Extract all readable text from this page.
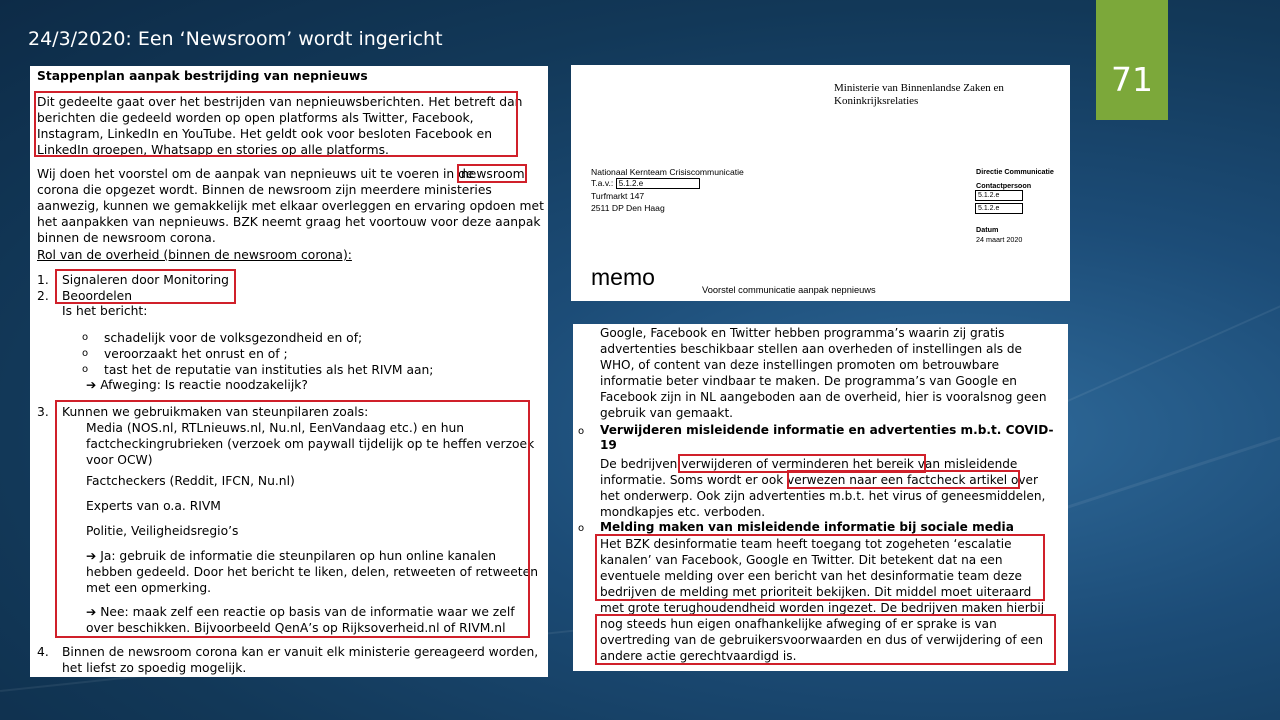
24/3/2020: Een ‘Newsroom’ wordt ingericht
71
Stappenplan aanpak bestrijding van nepnieuws
Dit gedeelte gaat over het bestrijden van nepnieuwsberichten. Het betreft dan
berichten die gedeeld worden op open platforms als Twitter, Facebook,
Instagram, LinkedIn en YouTube. Het geldt ook voor besloten Facebook en
LinkedIn groepen, Whatsapp en stories op alle platforms.
Wij doen het voorstel om de aanpak van nepnieuws uit te voeren in de
newsroom
corona die opgezet wordt. Binnen de newsroom zijn meerdere ministeries
aanwezig, kunnen we gemakkelijk met elkaar overleggen en ervaring opdoen met
het aanpakken van nepnieuws. BZK neemt graag het voortouw voor deze aanpak
binnen de newsroom corona.
Rol van de overheid (binnen de newsroom corona):
1. Signaleren door Monitoring
2. Beoordelen
Is het bericht:
o schadelijk voor de volksgezondheid en of;
o veroorzaakt het onrust en of ;
o tast het de reputatie van instituties als het RIVM aan;
➔ Afweging: Is reactie noodzakelijk?
3. Kunnen we gebruikmaken van steunpilaren zoals:
Media (NOS.nl, RTLnieuws.nl, Nu.nl, EenVandaag etc.) en hun
factcheckingrubrieken (verzoek om paywall tijdelijk op te heffen verzoek
voor OCW)
Factcheckers (Reddit, IFCN, Nu.nl)
Experts van o.a. RIVM
Politie, Veiligheidsregio’s
➔ Ja: gebruik de informatie die steunpilaren op hun online kanalen
hebben gedeeld. Door het bericht te liken, delen, retweeten of retweeten
met een opmerking.
➔ Nee: maak zelf een reactie op basis van de informatie waar we zelf
over beschikken. Bijvoorbeeld QenA’s op Rijksoverheid.nl of RIVM.nl
4. Binnen de newsroom corona kan er vanuit elk ministerie gereageerd worden,
het liefst zo spoedig mogelijk.
Ministerie van Binnenlandse Zaken en
Koninkrijksrelaties
Nationaal Kernteam Crisiscommunicatie
T.a.v.: 5.1.2.e
Turfmarkt 147
2511 DP Den Haag
Directie Communicatie
Contactpersoon
5.1.2.e
5.1.2.e
Datum
24 maart 2020
memo	Voorstel communicatie aanpak nepnieuws
Google, Facebook en Twitter hebben programma’s waarin zij gratis
advertenties beschikbaar stellen aan overheden of instellingen als de
WHO, of content van deze instellingen promoten om betrouwbare
informatie beter vindbaar te maken. De programma’s van Google en
Facebook zijn in NL aangeboden aan de overheid, hier is vooralsnog geen
gebruik van gemaakt.
o Verwijderen misleidende informatie en advertenties m.b.t. COVID-
19
De bedrijven verwijderen of verminderen het bereik van misleidende
informatie. Soms wordt er ook verwezen naar een factcheck artikel over
het onderwerp. Ook zijn advertenties m.b.t. het virus of geneesmiddelen,
mondkapjes etc. verboden.
o Melding maken van misleidende informatie bij sociale media
Het BZK desinformatie team heeft toegang tot zogeheten ‘escalatie
kanalen’ van Facebook, Google en Twitter. Dit betekent dat na een
eventuele melding over een bericht van het desinformatie team deze
bedrijven de melding met prioriteit bekijken. Dit middel moet uiteraard
met grote terughoudendheid worden ingezet. De bedrijven maken hierbij
nog steeds hun eigen onafhankelijke afweging of er sprake is van
overtreding van de gebruikersvoorwaarden en dus of verwijdering of een
andere actie gerechtvaardigd is.
